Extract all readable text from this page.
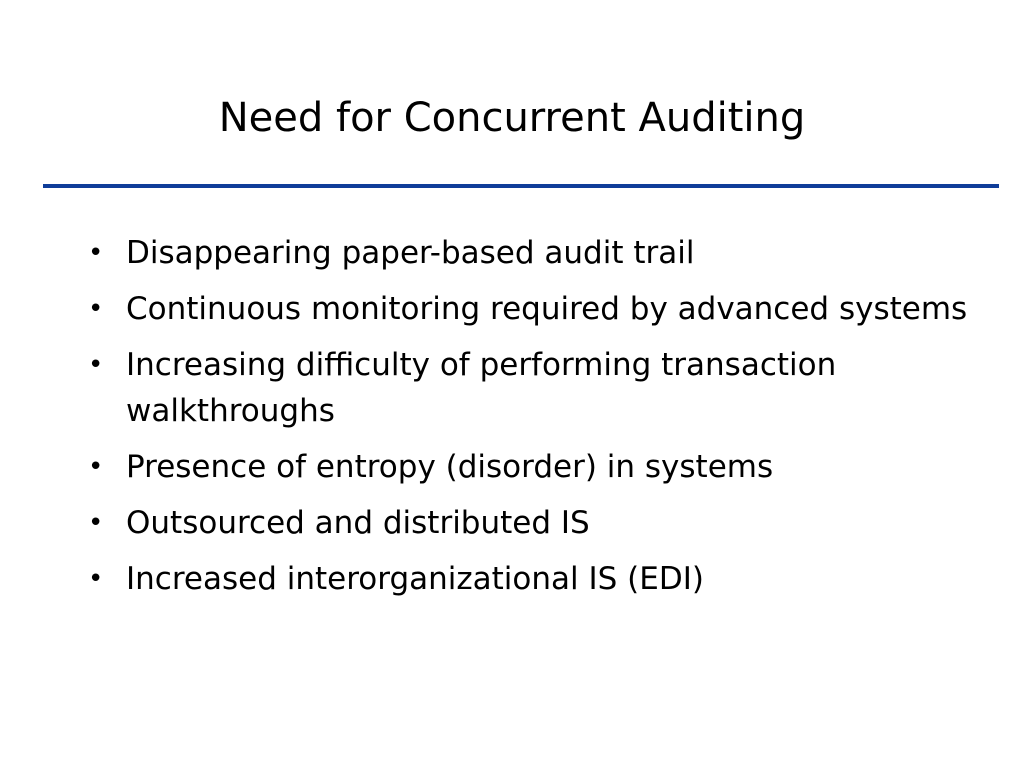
Need for Concurrent Auditing
• Disappearing paper-based audit trail
• Continuous monitoring required by advanced systems
• Increasing difficulty of performing transaction walkthroughs
• Presence of entropy (disorder) in systems
• Outsourced and distributed IS
• Increased interorganizational IS (EDI)
